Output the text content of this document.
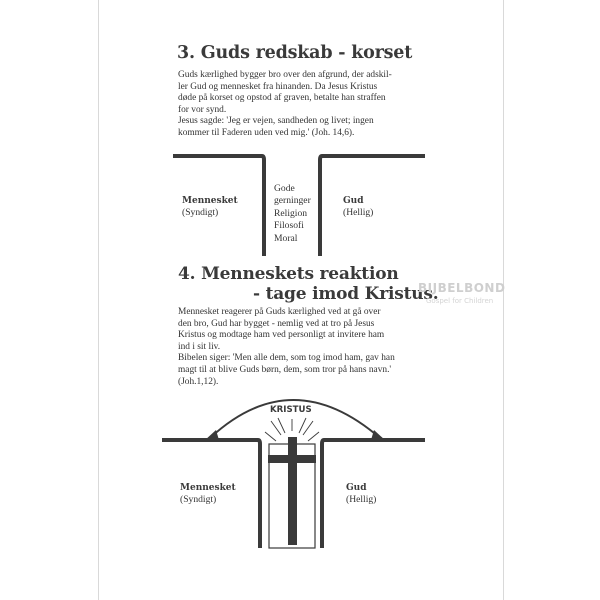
3. Guds redskab - korset
Guds kærlighed bygger bro over den afgrund, der adskil-
ler Gud og mennesket fra hinanden. Da Jesus Kristus
døde på korset og opstod af graven, betalte han straffen
for vor synd.
Jesus sagde: 'Jeg er vejen, sandheden og livet; ingen
kommer til Faderen uden ved mig.' (Joh. 14,6).
Mennesket
(Syndigt)
Gud
(Hellig)
Gode
gerninger
Religion
Filosofi
Moral
4. Menneskets reaktion
- tage imod Kristus.
BIJBELBOND
Gospel for Children
Mennesket reagerer på Guds kærlighed ved at gå over
den bro, Gud har bygget - nemlig ved at tro på Jesus
Kristus og modtage ham ved personligt at invitere ham
ind i sit liv.
Bibelen siger: 'Men alle dem, som tog imod ham, gav han
magt til at blive Guds børn, dem, som tror på hans navn.'
(Joh.1,12).
KRISTUS
Mennesket
(Syndigt)
Gud
(Hellig)
